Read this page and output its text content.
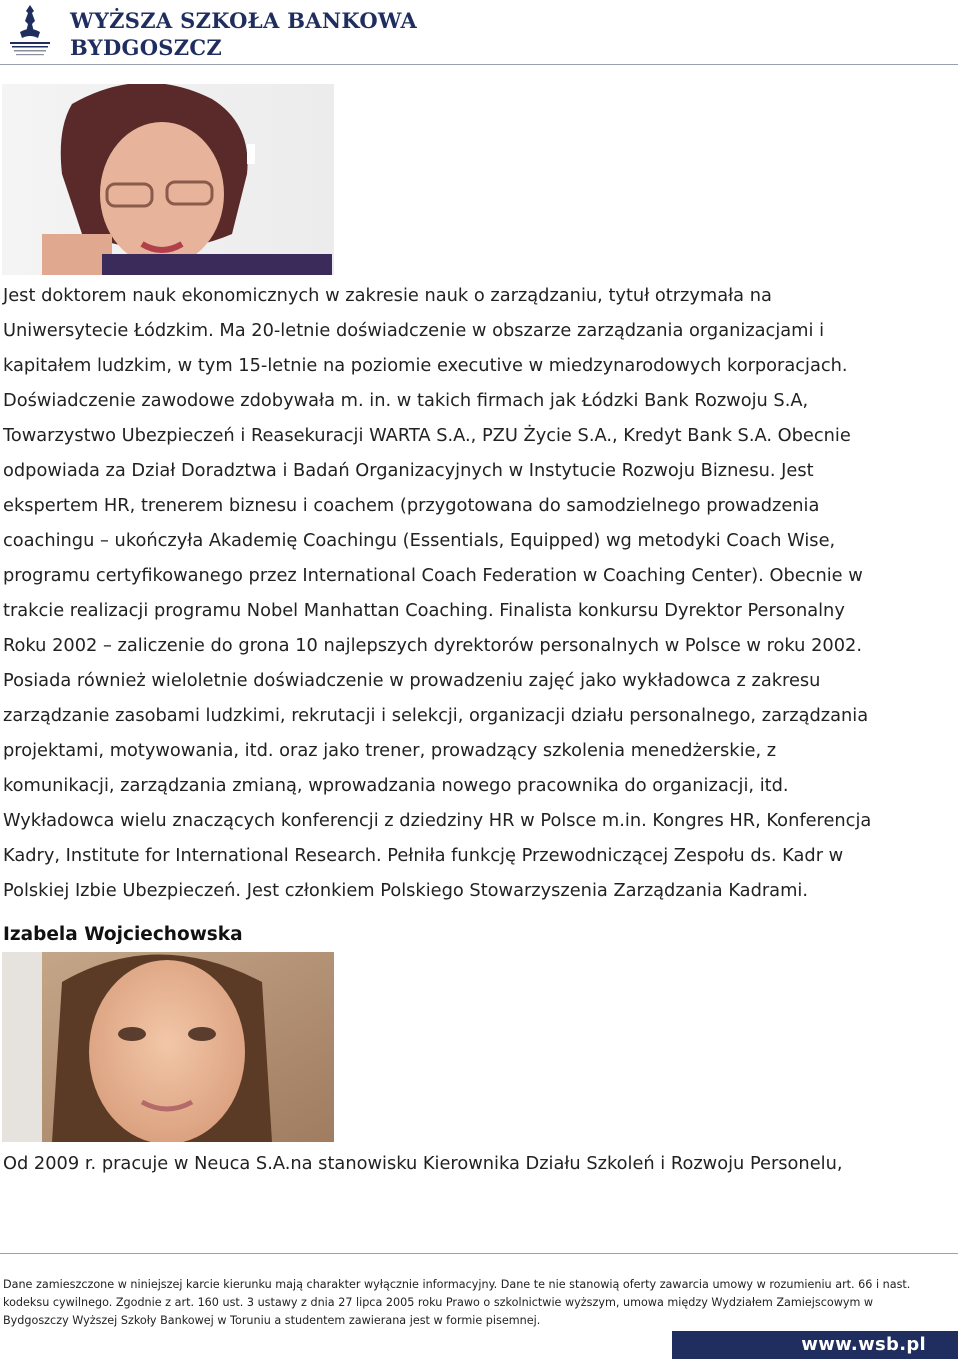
WYŻSZA SZKOŁA BANKOWA
BYDGOSZCZ
Jest doktorem nauk ekonomicznych w zakresie nauk o zarządzaniu, tytuł otrzymała na
Uniwersytecie Łódzkim. Ma 20-letnie doświadczenie w obszarze zarządzania organizacjami i
kapitałem ludzkim, w tym 15-letnie na poziomie executive w miedzynarodowych korporacjach.
Doświadczenie zawodowe zdobywała m. in. w takich firmach jak Łódzki Bank Rozwoju S.A,
Towarzystwo Ubezpieczeń i Reasekuracji WARTA S.A., PZU Życie S.A., Kredyt Bank S.A. Obecnie
odpowiada za Dział Doradztwa i Badań Organizacyjnych w Instytucie Rozwoju Biznesu. Jest
ekspertem HR, trenerem biznesu i coachem (przygotowana do samodzielnego prowadzenia
coachingu – ukończyła Akademię Coachingu (Essentials, Equipped) wg metodyki Coach Wise,
programu certyfikowanego przez International Coach Federation w Coaching Center). Obecnie w
trakcie realizacji programu Nobel Manhattan Coaching. Finalista konkursu Dyrektor Personalny
Roku 2002 – zaliczenie do grona 10 najlepszych dyrektorów personalnych w Polsce w roku 2002.
Posiada również wieloletnie doświadczenie w prowadzeniu zajęć jako wykładowca z zakresu
zarządzanie zasobami ludzkimi, rekrutacji i selekcji, organizacji działu personalnego, zarządzania
projektami, motywowania, itd. oraz jako trener, prowadzący szkolenia menedżerskie, z
komunikacji, zarządzania zmianą, wprowadzania nowego pracownika do organizacji, itd.
Wykładowca wielu znaczących konferencji z dziedziny HR w Polsce m.in. Kongres HR, Konferencja
Kadry, Institute for International Research. Pełniła funkcję Przewodniczącej Zespołu ds. Kadr w
Polskiej Izbie Ubezpieczeń. Jest członkiem Polskiego Stowarzyszenia Zarządzania Kadrami.
Izabela Wojciechowska
Od 2009 r. pracuje w Neuca S.A.na stanowisku Kierownika Działu Szkoleń i Rozwoju Personelu,
Dane zamieszczone w niniejszej karcie kierunku mają charakter wyłącznie informacyjny. Dane te nie stanowią oferty zawarcia umowy w rozumieniu art. 66 i nast.
kodeksu cywilnego. Zgodnie z art. 160 ust. 3 ustawy z dnia 27 lipca 2005 roku Prawo o szkolnictwie wyższym, umowa między Wydziałem Zamiejscowym w
Bydgoszczy Wyższej Szkoły Bankowej w Toruniu a studentem zawierana jest w formie pisemnej.
www.wsb.pl
